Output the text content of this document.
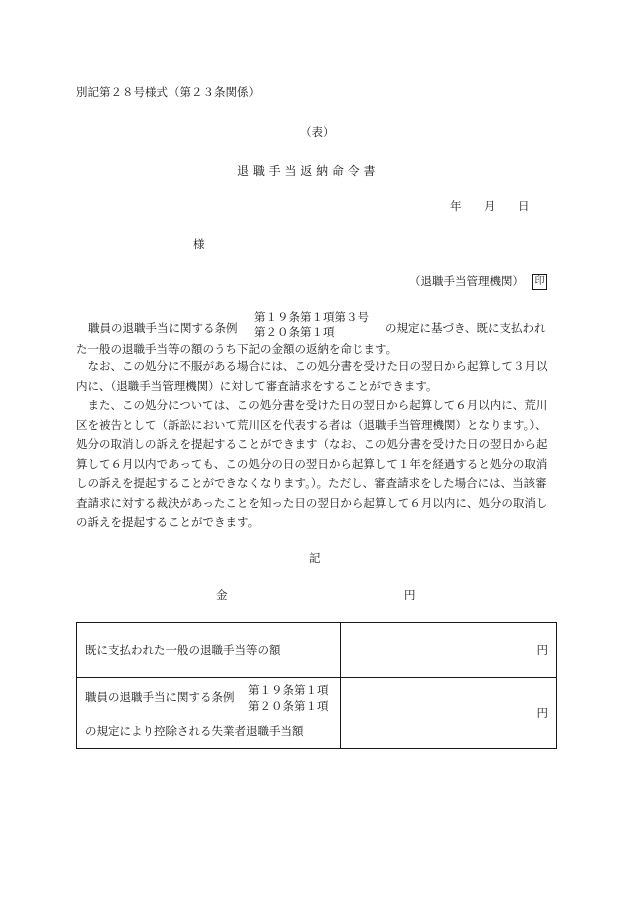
別記第２８号様式（第２３条関係）
（表）
退 職 手 当 返 納 命 令 書
年 月 日
様
（退職手当管理機関） 印
職員の退職手当に関する条例
第１９条第１項第３号
第２０条第１項	の規定に基づき、既に支払われ
た一般の退職手当等の額のうち下記の金額の返納を命じます。

なお、この処分に不服がある場合には、この処分書を受けた日の翌日から起算して３月以内に、（退職手当管理機関）に対して審査請求をすることができます。

また、この処分については、この処分書を受けた日の翌日から起算して６月以内に、荒川区を被告として（訴訟において荒川区を代表する者は（退職手当管理機関）となります。）、処分の取消しの訴えを提起することができます（なお、この処分書を受けた日の翌日から起算して６月以内であっても、この処分の日の翌日から起算して１年を経過すると処分の取消しの訴えを提起することができなくなります。）。ただし、審査請求をした場合には、当該審査請求に対する裁決があったことを知った日の翌日から起算して６月以内に、処分の取消しの訴えを提起することができます。

記
金	円
既に支払われた一般の退職手当等の額	円

職員の退職手当に関する条例 第１９条第１項
第２０条第１項
の規定により控除される失業者退職手当額	円
